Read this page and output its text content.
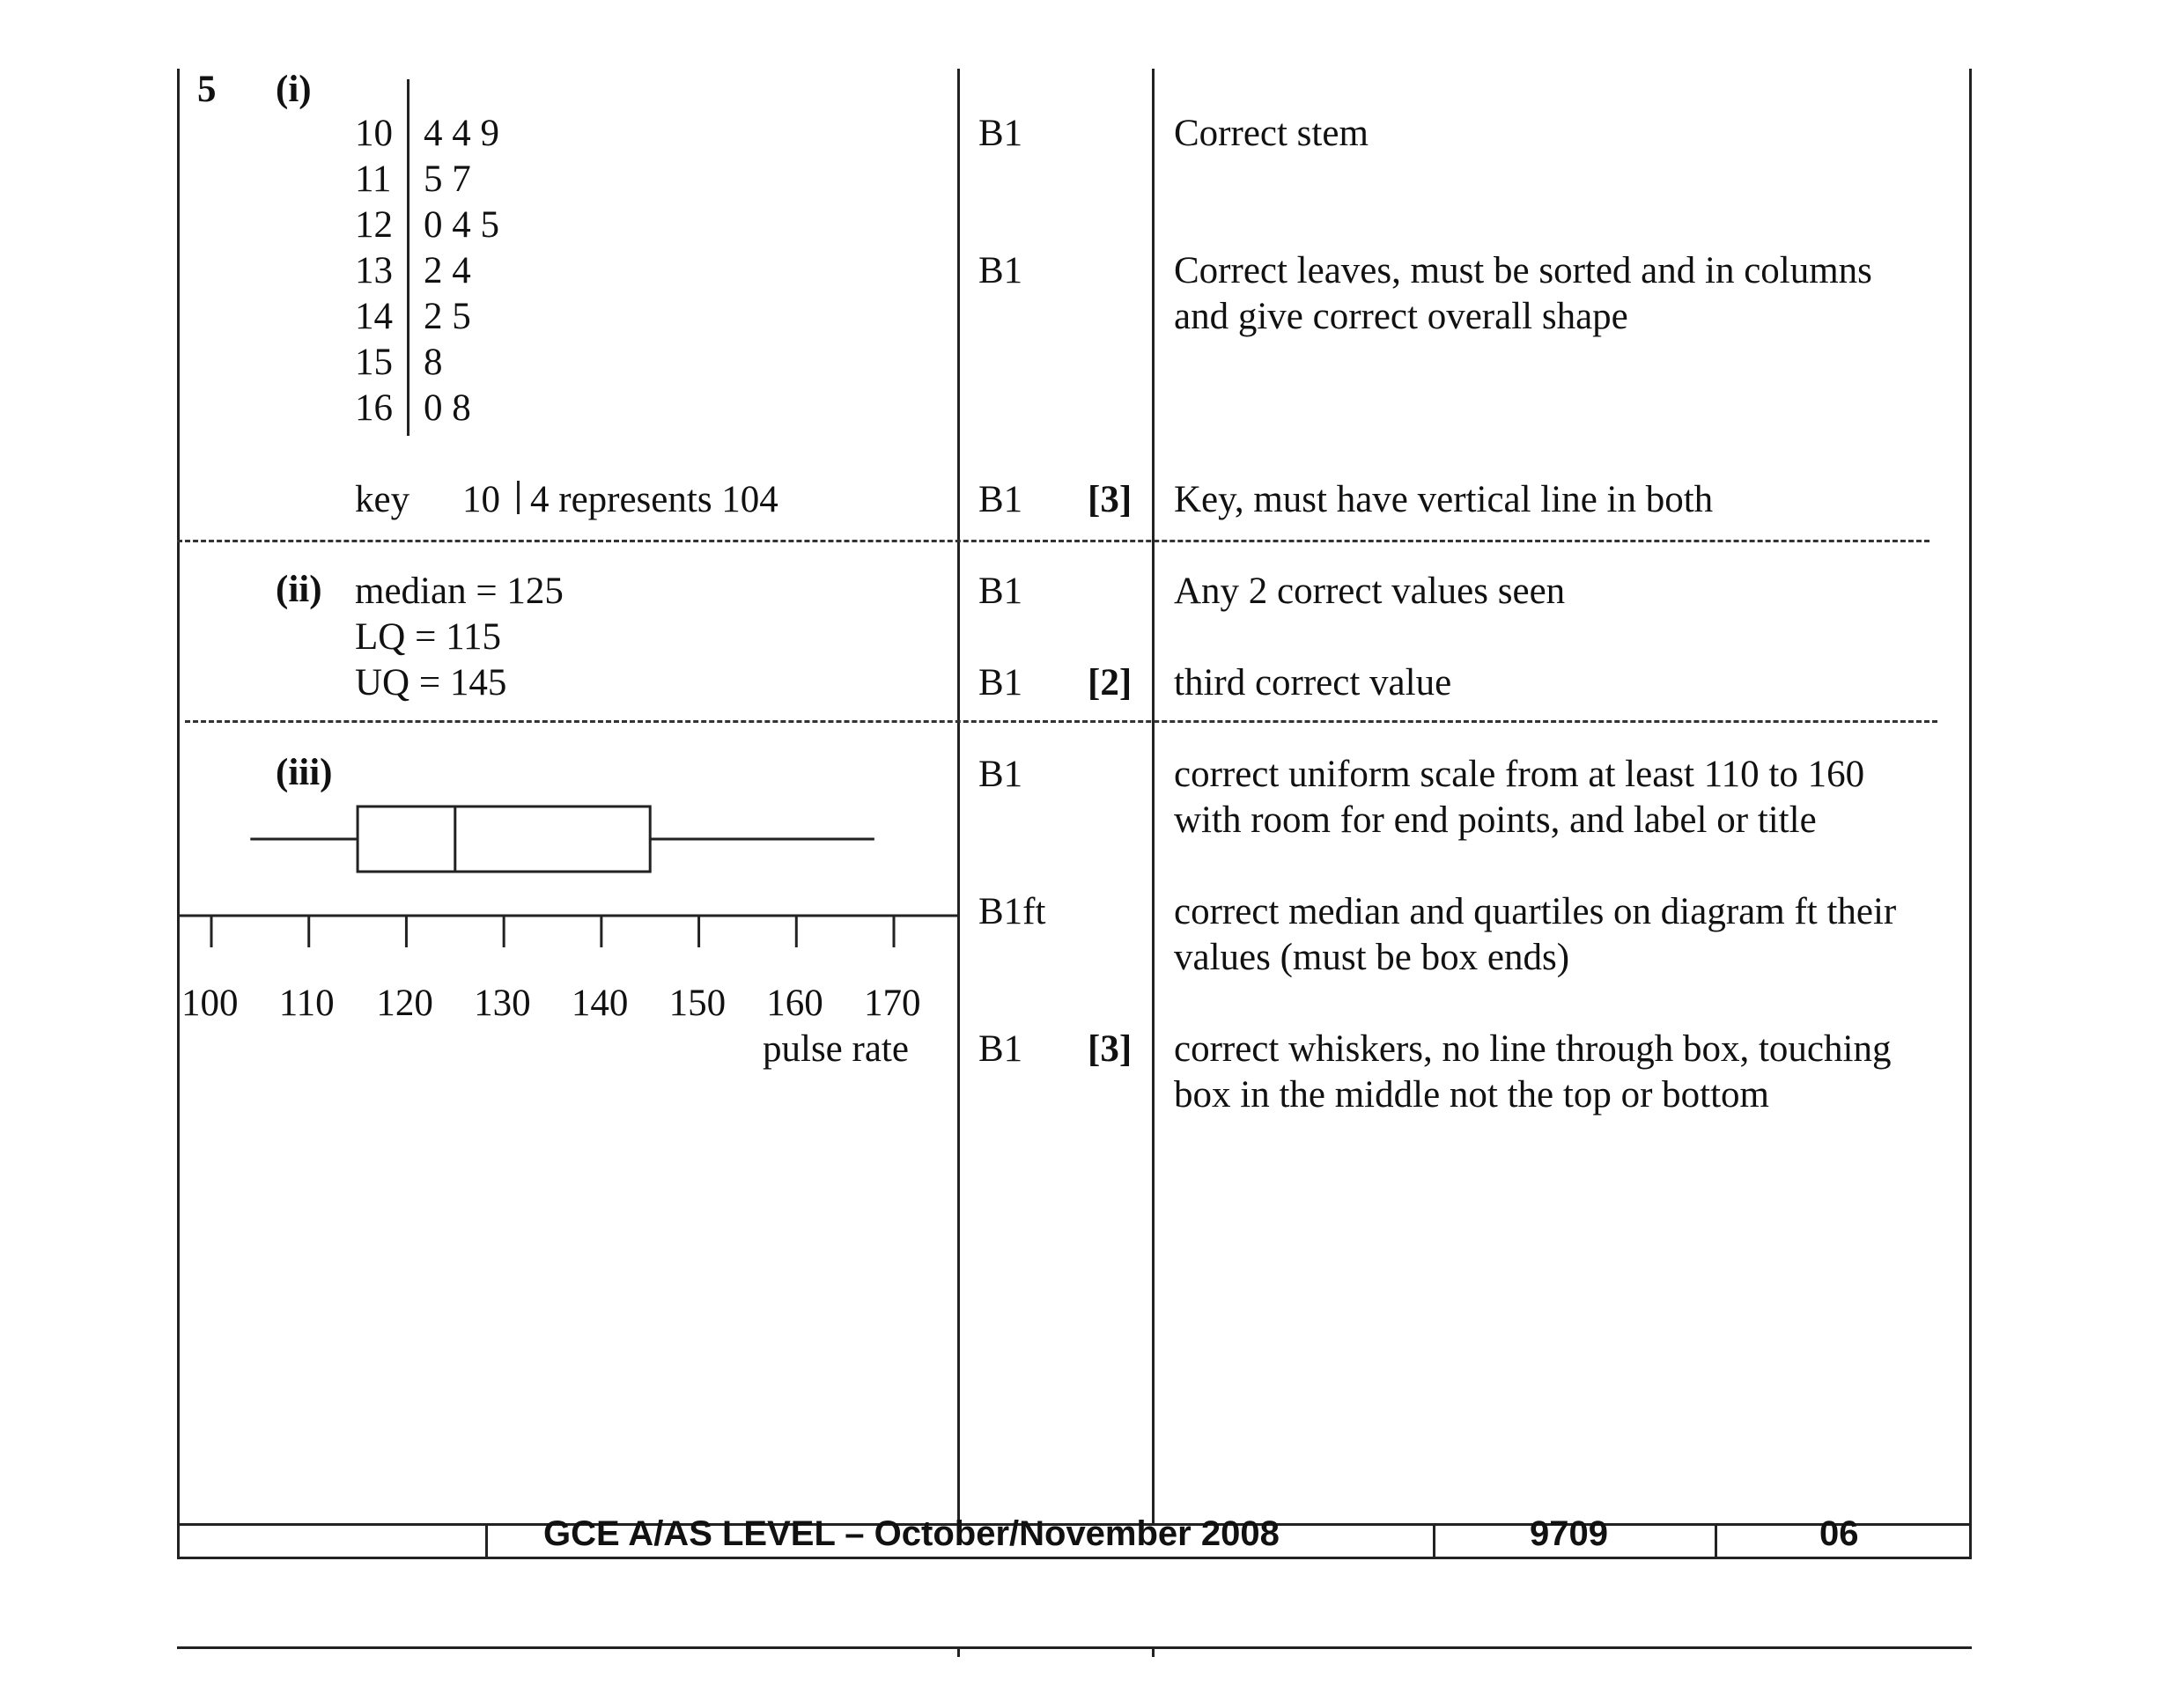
5 (i)
(ii)
(iii)
10 4 4 9
11 5 7
12 0 4 5
13 2 4
14 2 5
15 8
16 0 8
key 10 4 represents 104
median = 125
LQ = 115
UQ = 145
100 110 120 130 140 150 160 170
pulse rate
B1
B1
B1 [3]
B1
B1 [2]
B1
B1ft
B1 [3]
Correct stem
Correct leaves, must be sorted and in columns
and give correct overall shape
Key, must have vertical line in both
Any 2 correct values seen
third correct value
correct uniform scale from at least 110 to 160
with room for end points, and label or title
correct median and quartiles on diagram ft their
values (must be box ends)
correct whiskers, no line through box, touching
box in the middle not the top or bottom
GCE A/AS LEVEL – October/November 2008	9709	06
